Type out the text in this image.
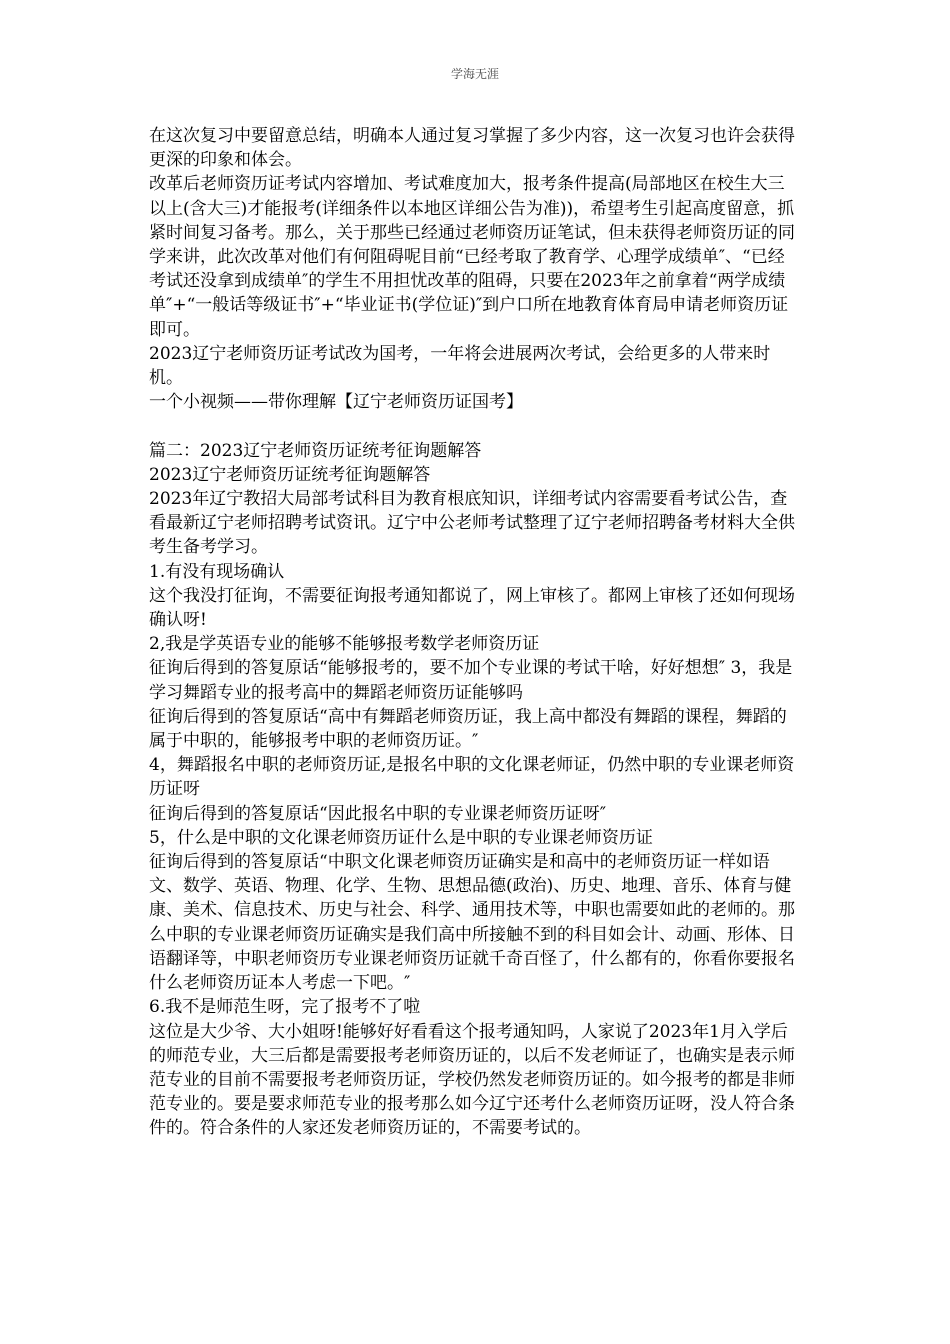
学海无涯

在这次复习中要留意总结，明确本人通过复习掌握了多少内容，这一次复习也许会获得更深的印象和体会。

改革后老师资历证考试内容增加、考试难度加大，报考条件提高(局部地区在校生大三以上(含大三)才能报考(详细条件以本地区详细公告为准))，希望考生引起高度留意，抓紧时间复习备考。那么，关于那些已经通过老师资历证笔试，但未获得老师资历证的同学来讲，此次改革对他们有何阻碍呢目前“已经考取了教育学、心理学成绩单″、“已经考试还没拿到成绩单″的学生不用担忧改革的阻碍，只要在2023年之前拿着“两学成绩单″+“一般话等级证书″+“毕业证书(学位证)″到户口所在地教育体育局申请老师资历证即可。

2023辽宁老师资历证考试改为国考，一年将会进展两次考试，会给更多的人带来时机。

一个小视频——带你理解【辽宁老师资历证国考】

篇二：2023辽宁老师资历证统考征询题解答

2023辽宁老师资历证统考征询题解答

2023年辽宁教招大局部考试科目为教育根底知识，详细考试内容需要看考试公告，查看最新辽宁老师招聘考试资讯。辽宁中公老师考试整理了辽宁老师招聘备考材料大全供考生备考学习。

1.有没有现场确认

这个我没打征询，不需要征询报考通知都说了，网上审核了。都网上审核了还如何现场确认呀!

2,我是学英语专业的能够不能够报考数学老师资历证

征询后得到的答复原话“能够报考的，要不加个专业课的考试干啥，好好想想″ 3，我是学习舞蹈专业的报考高中的舞蹈老师资历证能够吗

征询后得到的答复原话“高中有舞蹈老师资历证，我上高中都没有舞蹈的课程，舞蹈的属于中职的，能够报考中职的老师资历证。″

4，舞蹈报名中职的老师资历证,是报名中职的文化课老师证，仍然中职的专业课老师资历证呀

征询后得到的答复原话“因此报名中职的专业课老师资历证呀″

5，什么是中职的文化课老师资历证什么是中职的专业课老师资历证

征询后得到的答复原话“中职文化课老师资历证确实是和高中的老师资历证一样如语文、数学、英语、物理、化学、生物、思想品德(政治)、历史、地理、音乐、体育与健康、美术、信息技术、历史与社会、科学、通用技术等，中职也需要如此的老师的。那么中职的专业课老师资历证确实是我们高中所接触不到的科目如会计、动画、形体、日语翻译等，中职老师资历专业课老师资历证就千奇百怪了，什么都有的，你看你要报名什么老师资历证本人考虑一下吧。″

6.我不是师范生呀，完了报考不了啦

这位是大少爷、大小姐呀!能够好好看看这个报考通知吗，人家说了2023年1月入学后的师范专业，大三后都是需要报考老师资历证的，以后不发老师证了，也确实是表示师范专业的目前不需要报考老师资历证，学校仍然发老师资历证的。如今报考的都是非师范专业的。要是要求师范专业的报考那么如今辽宁还考什么老师资历证呀，没人符合条件的。符合条件的人家还发老师资历证的，不需要考试的。
